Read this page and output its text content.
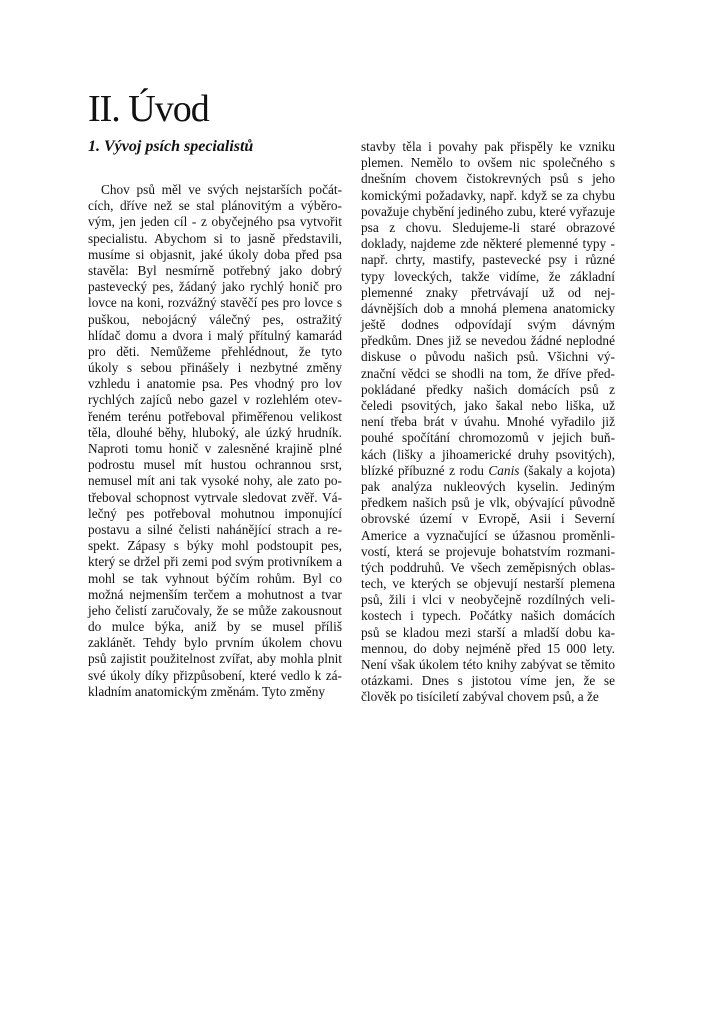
II. Úvod
1. Vývoj psích specialistů
Chov psů měl ve svých nejstarších počát-
cích, dříve než se stal plánovitým a výběro-
vým, jen jeden cíl - z obyčejného psa vytvořit
specialistu. Abychom si to jasně představili,
musíme si objasnit, jaké úkoly doba před psa
stavěla: Byl nesmírně potřebný jako dobrý
pastevecký pes, žádaný jako rychlý honič pro
lovce na koni, rozvážný stavěčí pes pro lovce s
puškou, nebojácný válečný pes, ostražitý
hlídač domu a dvora i malý přítulný kamarád
pro děti. Nemůžeme přehlédnout, že tyto
úkoly s sebou přinášely i nezbytné změny
vzhledu i anatomie psa. Pes vhodný pro lov
rychlých zajíců nebo gazel v rozlehlém otev-
řeném terénu potřeboval přiměřenou velikost
těla, dlouhé běhy, hluboký, ale úzký hrudník.
Naproti tomu honič v zalesněné krajině plné
podrostu musel mít hustou ochrannou srst,
nemusel mít ani tak vysoké nohy, ale zato po-
třeboval schopnost vytrvale sledovat zvěř. Vá-
lečný pes potřeboval mohutnou imponující
postavu a silné čelisti nahánějící strach a re-
spekt. Zápasy s býky mohl podstoupit pes,
který se držel při zemi pod svým protivníkem a
mohl se tak vyhnout býčím rohům. Byl co
možná nejmenším terčem a mohutnost a tvar
jeho čelistí zaručovaly, že se může zakousnout
do mulce býka, aniž by se musel příliš
zaklánět. Tehdy bylo prvním úkolem chovu
psů zajistit použitelnost zvířat, aby mohla plnit
své úkoly díky přizpůsobení, které vedlo k zá-
kladním anatomickým změnám. Tyto změny
stavby těla i povahy pak přispěly ke vzniku
plemen. Nemělo to ovšem nic společného s
dnešním chovem čistokrevných psů s jeho
komickými požadavky, např. když se za chybu
považuje chybění jediného zubu, které vyřazuje
psa z chovu. Sledujeme-li staré obrazové
doklady, najdeme zde některé plemenné typy -
např. chrty, mastify, pastevecké psy i různé
typy loveckých, takže vidíme, že základní
plemenné znaky přetrvávají už od nej-
dávnějších dob a mnohá plemena anatomicky
ještě dodnes odpovídají svým dávným
předkům. Dnes již se nevedou žádné neplodné
diskuse o původu našich psů. Všichni vý-
znační vědci se shodli na tom, že dříve před-
pokládané předky našich domácích psů z
čeledi psovitých, jako šakal nebo liška, už
není třeba brát v úvahu. Mnohé vyřadilo již
pouhé spočítání chromozomů v jejich buň-
kách (lišky a jihoamerické druhy psovitých),
blízké příbuzné z rodu Canis (šakaly a kojota)
pak analýza nukleových kyselin. Jediným
předkem našich psů je vlk, obývající původně
obrovské území v Evropě, Asii i Severní
Americe a vyznačující se úžasnou proměnli-
vostí, která se projevuje bohatstvím rozmani-
tých poddruhů. Ve všech zeměpisných oblas-
tech, ve kterých se objevují nestarší plemena
psů, žili i vlci v neobyčejně rozdílných veli-
kostech i typech. Počátky našich domácích
psů se kladou mezi starší a mladší dobu ka-
mennou, do doby nejméně před 15 000 lety.
Není však úkolem této knihy zabývat se těmito
otázkami. Dnes s jistotou víme jen, že se
člověk po tisíciletí zabýval chovem psů, a že
